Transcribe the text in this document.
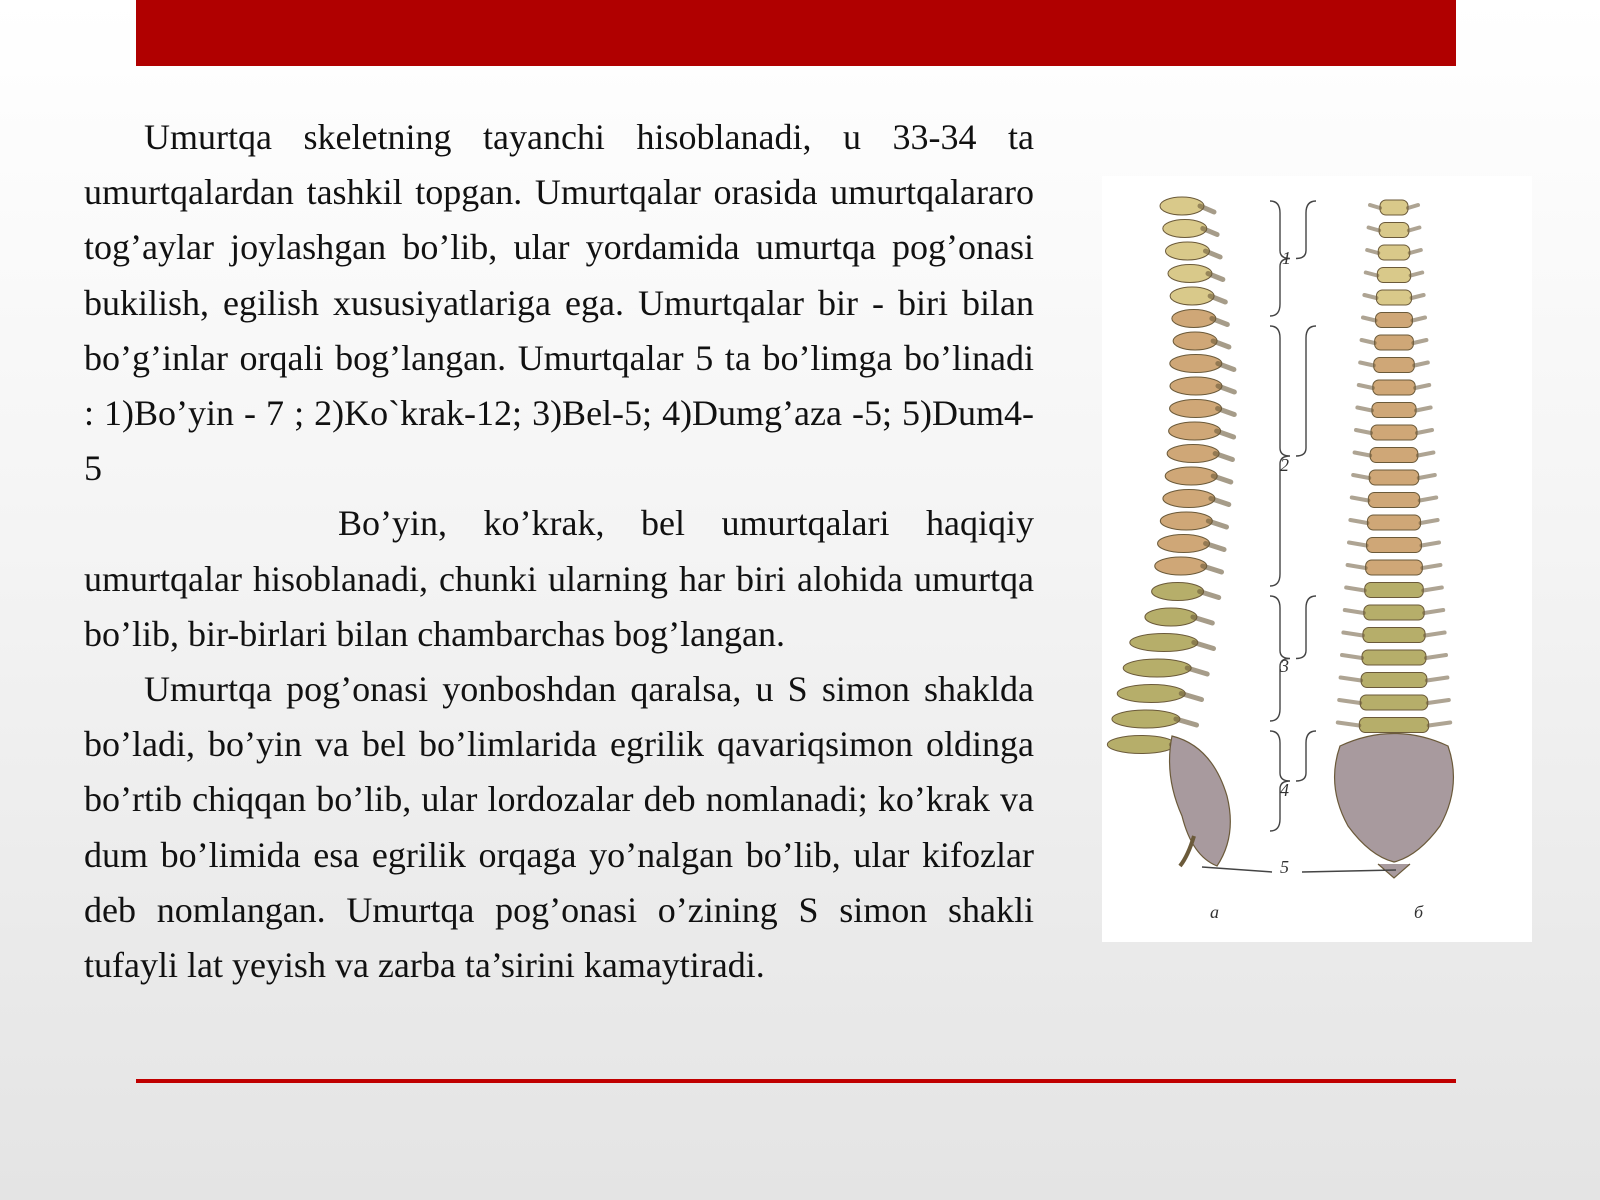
Umurtqa skeletning tayanchi hisoblanadi, u 33-34 ta umurtqalardan tashkil topgan. Umurtqalar orasida umurtqalararo tog’aylar joylashgan bo’lib, ular yordamida umurtqa pog’onasi bukilish, egilish xususiyatlariga ega. Umurtqalar bir - biri bilan bo’g’inlar orqali bog’langan. Umurtqalar 5 ta bo’limga bo’linadi : 1)Bo’yin - 7 ; 2)Ko`krak-12; 3)Bel-5; 4)Dumg’aza -5; 5)Dum4-5

Bo’yin, ko’krak, bel umurtqalari haqiqiy umurtqalar hisoblanadi, chunki ularning har biri alohida umurtqa bo’lib, bir-birlari bilan chambarchas bog’langan.

Umurtqa pog’onasi yonboshdan qaralsa, u S simon shaklda bo’ladi, bo’yin va bel bo’limlarida egrilik qavariqsimon oldinga bo’rtib chiqqan bo’lib, ular lordozalar deb nomlanadi; ko’krak va dum bo’limida esa egrilik orqaga yo’nalgan bo’lib, ular kifozlar deb nomlangan. Umurtqa pog’onasi o’zining S simon shakli tufayli lat yeyish va zarba ta’sirini kamaytiradi.

1
2
3
4
5
а	б
